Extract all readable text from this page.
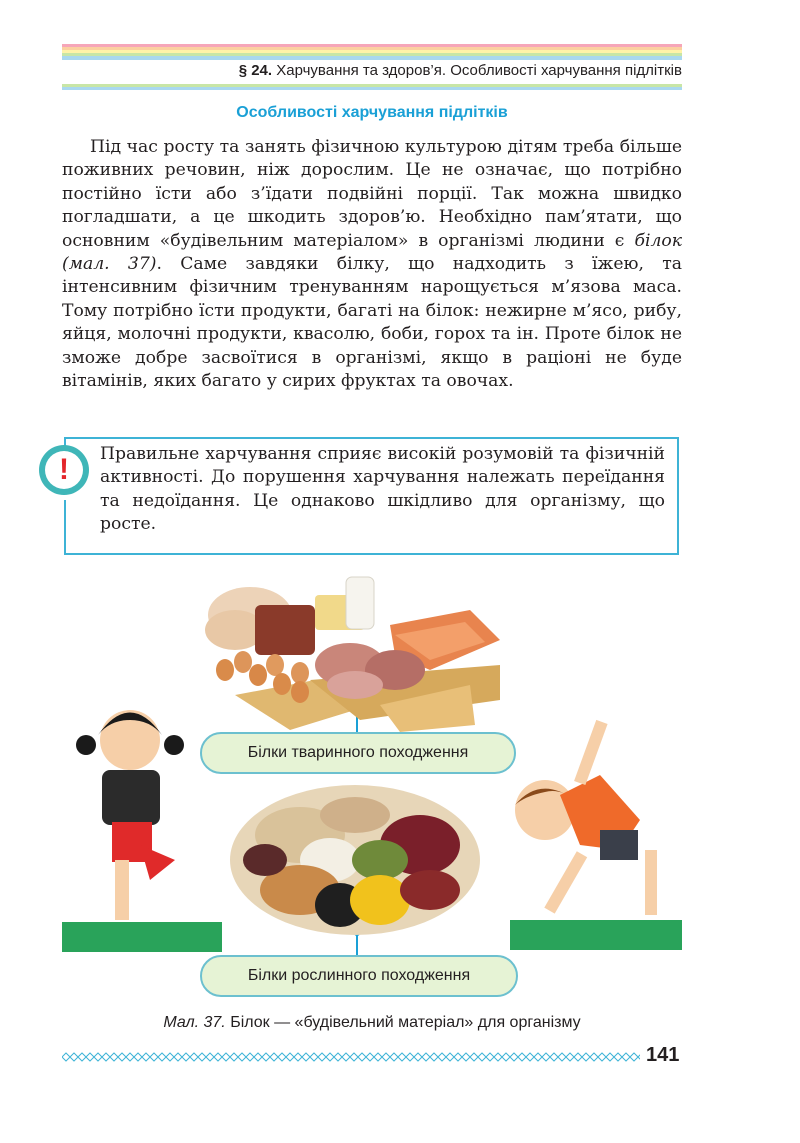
§ 24. Харчування та здоров’я. Особливості харчування підлітків
Особливості харчування підлітків
Під час росту та занять фізичною культурою дітям треба більше поживних речовин, ніж дорослим. Це не означає, що потрібно постійно їсти або з’їдати подвійні порції. Так можна швидко погладшати, а це шкодить здоров’ю. Необхідно пам’ятати, що основним «будівельним матеріалом» в організмі людини є білок (мал. 37). Саме завдяки білку, що надходить з їжею, та інтенсивним фізичним тренуванням нарощується м’язова маса. Тому потрібно їсти продукти, багаті на білок: нежирне м’ясо, рибу, яйця, молочні продукти, квасолю, боби, горох та ін. Проте білок не зможе добре засвоїтися в організмі, якщо в раціоні не буде вітамінів, яких багато у сирих фруктах та овочах.
!	Правильне харчування сприяє високій розумовій та фізичній активності. До порушення харчування належать переїдання та недоїдання. Це однаково шкідливо для організму, що росте.
Білки тваринного походження
Білки рослинного походження
Мал. 37. Білок — «будівельний матеріал» для організму
141
